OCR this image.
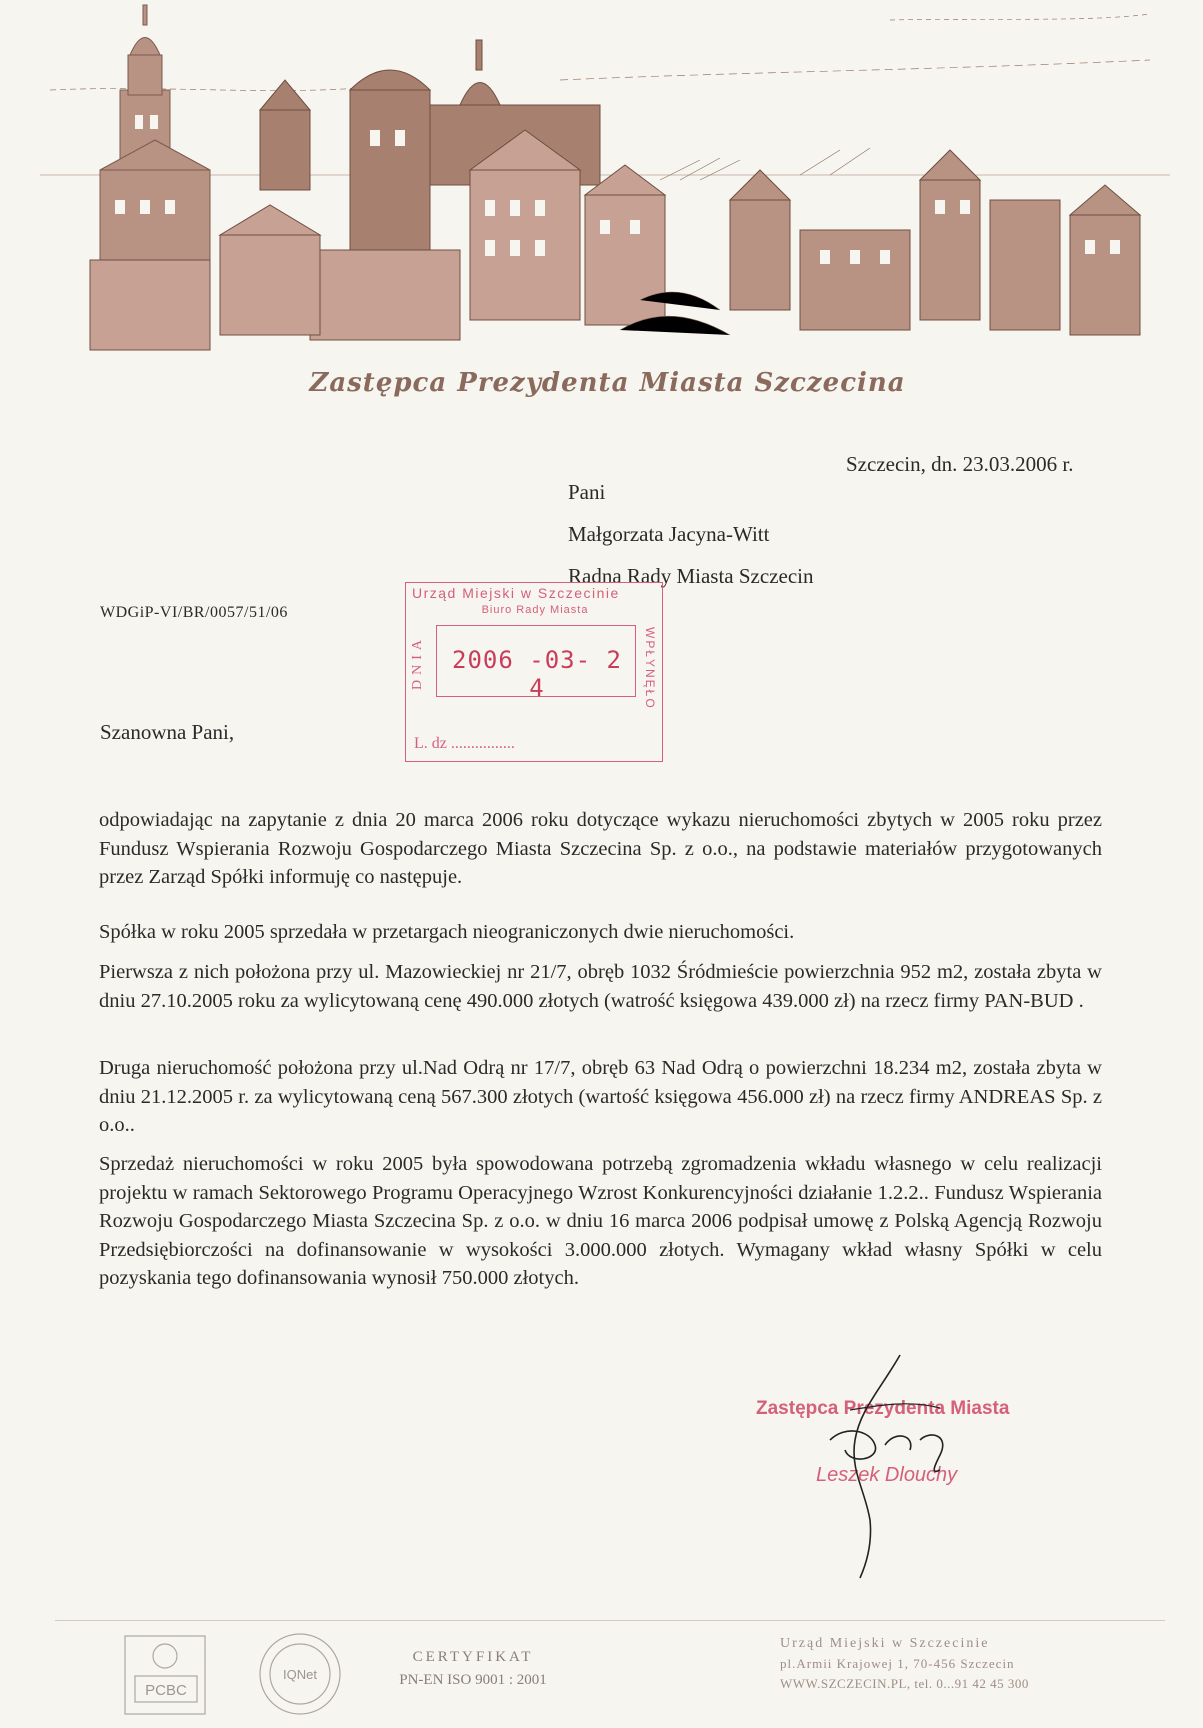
Zastępca Prezydenta Miasta Szczecina
Szczecin, dn. 23.03.2006 r.
Pani
Małgorzata Jacyna-Witt
Radna Rady Miasta Szczecin
WDGiP-VI/BR/0057/51/06
Urząd Miejski w Szczecinie
Biuro Rady Miasta
DNIA	2006 -03- 2 4	WPŁYNĘŁO
L. dz ................
Szanowna Pani,
odpowiadając na zapytanie z dnia 20 marca 2006 roku dotyczące wykazu nieruchomości zbytych w 2005 roku przez Fundusz Wspierania Rozwoju Gospodarczego Miasta Szczecina Sp. z o.o., na podstawie materiałów przygotowanych przez Zarząd Spółki informuję co następuje.
Spółka w roku 2005 sprzedała w przetargach nieograniczonych dwie nieruchomości.
Pierwsza z nich położona przy ul. Mazowieckiej nr 21/7, obręb 1032 Śródmieście powierzchnia 952 m2, została zbyta w dniu 27.10.2005 roku za wylicytowaną cenę 490.000 złotych (watrość księgowa 439.000 zł) na rzecz firmy PAN-BUD .
Druga nieruchomość położona przy ul.Nad Odrą nr 17/7, obręb 63 Nad Odrą o powierzchni 18.234 m2, została zbyta w dniu 21.12.2005 r. za wylicytowaną ceną 567.300 złotych (wartość księgowa 456.000 zł) na rzecz firmy ANDREAS Sp. z o.o..
Sprzedaż nieruchomości w roku 2005 była spowodowana potrzebą zgromadzenia wkładu własnego w celu realizacji projektu w ramach Sektorowego Programu Operacyjnego Wzrost Konkurencyjności działanie 1.2.2.. Fundusz Wspierania Rozwoju Gospodarczego Miasta Szczecina Sp. z o.o. w dniu 16 marca 2006 podpisał umowę z Polską Agencją Rozwoju Przedsiębiorczości na dofinansowanie w wysokości 3.000.000 złotych. Wymagany wkład własny Spółki w celu pozyskania tego dofinansowania wynosił 750.000 złotych.
Zastępca Prezydenta Miasta
Leszek Dlouchy
PCBC
IQNet
CERTYFIKAT
PN-EN ISO 9001 : 2001
Urząd Miejski w Szczecinie
pl.Armii Krajowej 1, 70-456 Szczecin
WWW.SZCZECIN.PL, tel. 0...91 42 45 300
